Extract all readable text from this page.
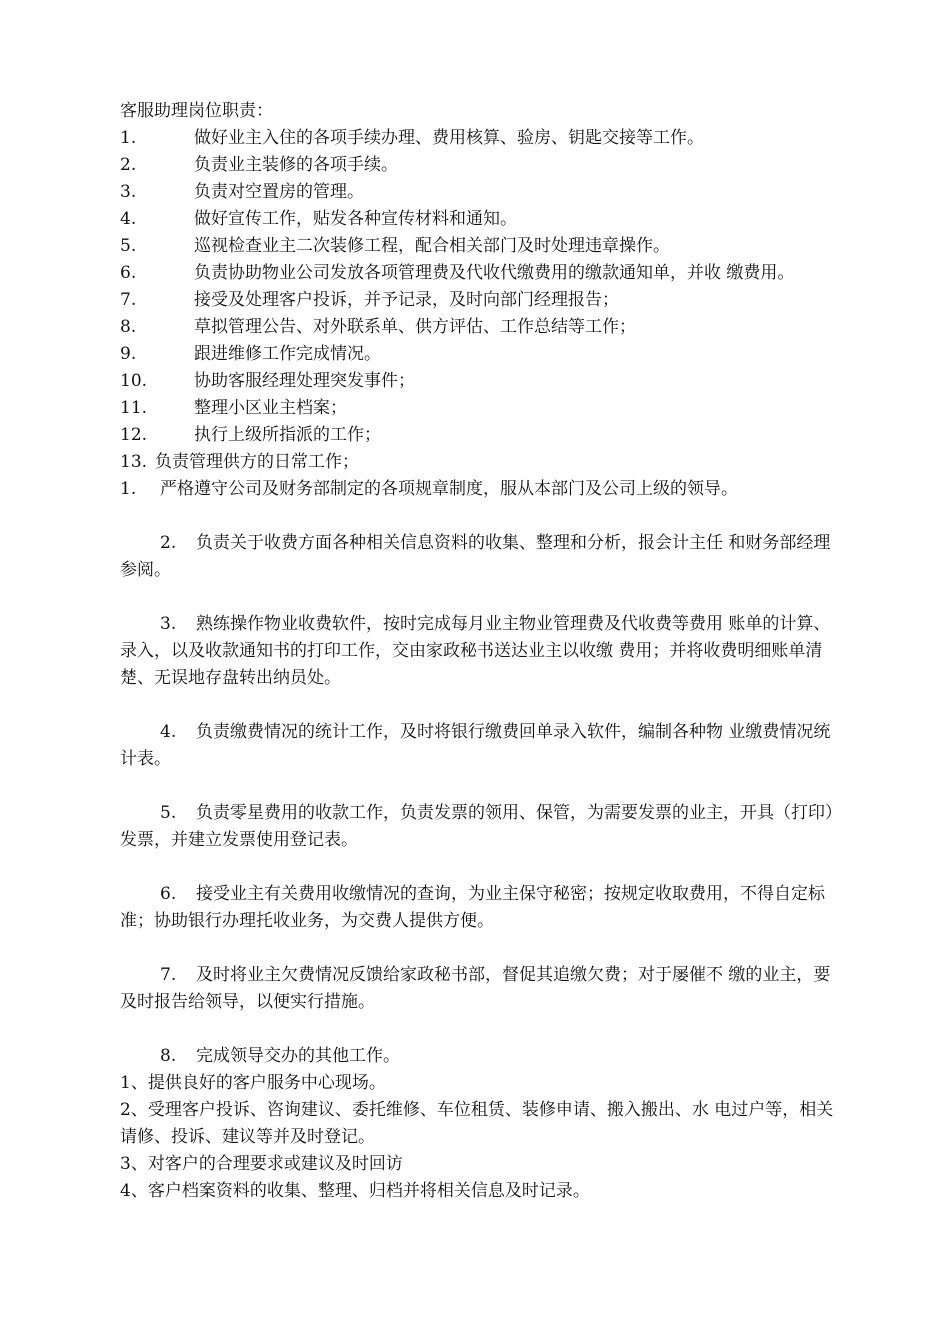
客服助理岗位职责：

1.	做好业主入住的各项手续办理、费用核算、验房、钥匙交接等工作。
2.	负责业主装修的各项手续。
3.	负责对空置房的管理。
4.	做好宣传工作，贴发各种宣传材料和通知。
5.	巡视检查业主二次装修工程，配合相关部门及时处理违章操作。
6.	负责协助物业公司发放各项管理费及代收代缴费用的缴款通知单，并收 缴费用。
7.	接受及处理客户投诉，并予记录，及时向部门经理报告；
8.	草拟管理公告、对外联系单、供方评估、工作总结等工作；
9.	跟进维修工作完成情况。
10.	协助客服经理处理突发事件；
11.	整理小区业主档案；
12.	执行上级所指派的工作；
13. 负责管理供方的日常工作；
1. 严格遵守公司及财务部制定的各项规章制度，服从本部门及公司上级的领导。
2. 负责关于收费方面各种相关信息资料的收集、整理和分析，报会计主任 和财务部经理参阅。
3. 熟练操作物业收费软件，按时完成每月业主物业管理费及代收费等费用 账单的计算、录入，以及收款通知书的打印工作，交由家政秘书送达业主以收缴 费用；并将收费明细账单清楚、无误地存盘转出纳员处。
4. 负责缴费情况的统计工作，及时将银行缴费回单录入软件，编制各种物 业缴费情况统计表。
5. 负责零星费用的收款工作，负责发票的领用、保管，为需要发票的业主，开具（打印）发票，并建立发票使用登记表。
6. 接受业主有关费用收缴情况的查询，为业主保守秘密；按规定收取费用，不得自定标准；协助银行办理托收业务，为交费人提供方便。
7. 及时将业主欠费情况反馈给家政秘书部，督促其追缴欠费；对于屡催不 缴的业主，要及时报告给领导，以便实行措施。
8. 完成领导交办的其他工作。
1、提供良好的客户服务中心现场。
2、受理客户投诉、咨询建议、委托维修、车位租赁、装修申请、搬入搬出、水 电过户等，相关请修、投诉、建议等并及时登记。
3、对客户的合理要求或建议及时回访
4、客户档案资料的收集、整理、归档并将相关信息及时记录。
